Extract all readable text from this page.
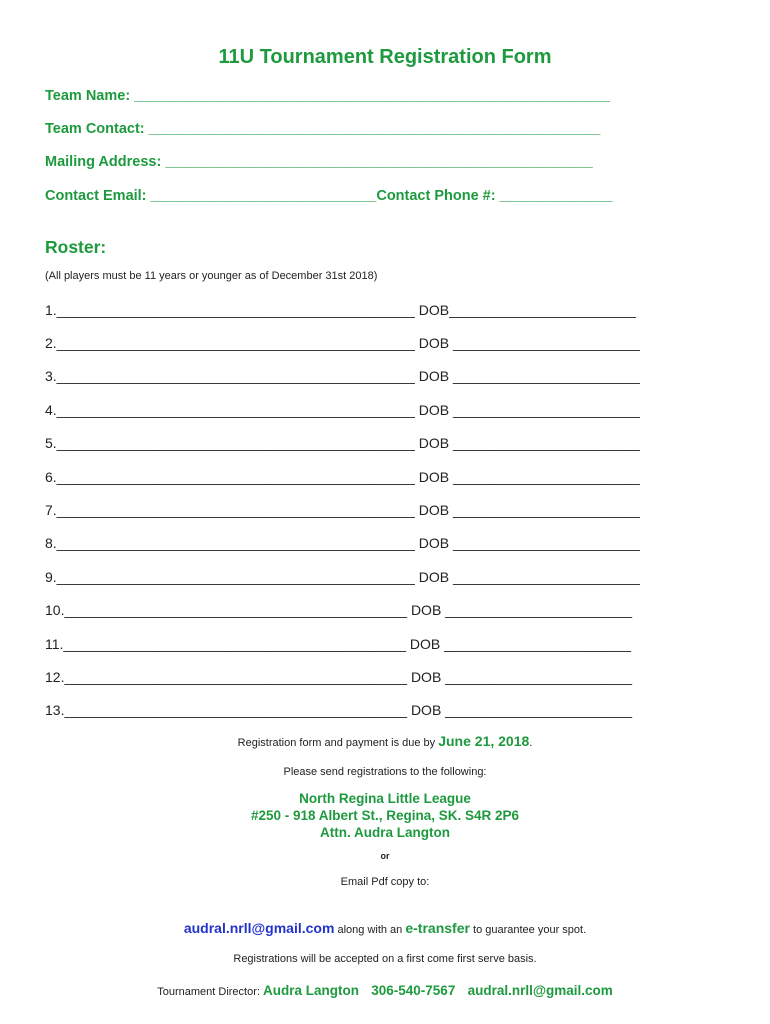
11U Tournament Registration Form
Team Name: ___________________________________________________________
Team Contact: ________________________________________________________
Mailing Address: _____________________________________________________
Contact Email: ____________________________Contact Phone #: ______________
Roster:
(All players must be 11 years or younger as of December 31st 2018)
1.______________________________________________ DOB________________________
2.______________________________________________ DOB ________________________
3.______________________________________________ DOB ________________________
4.______________________________________________ DOB ________________________
5.______________________________________________ DOB ________________________
6.______________________________________________ DOB ________________________
7.______________________________________________ DOB ________________________
8.______________________________________________ DOB ________________________
9.______________________________________________ DOB ________________________
10.____________________________________________ DOB ________________________
11.____________________________________________ DOB ________________________
12.____________________________________________ DOB ________________________
13.____________________________________________ DOB ________________________
Registration form and payment is due by June 21, 2018.
Please send registrations to the following:
North Regina Little League
#250 - 918 Albert St., Regina, SK. S4R 2P6
Attn. Audra Langton
or
Email Pdf copy to:
audral.nrll@gmail.com along with an e-transfer to guarantee your spot.
Registrations will be accepted on a first come first serve basis.
Tournament Director: Audra Langton 306-540-7567 audral.nrll@gmail.com
